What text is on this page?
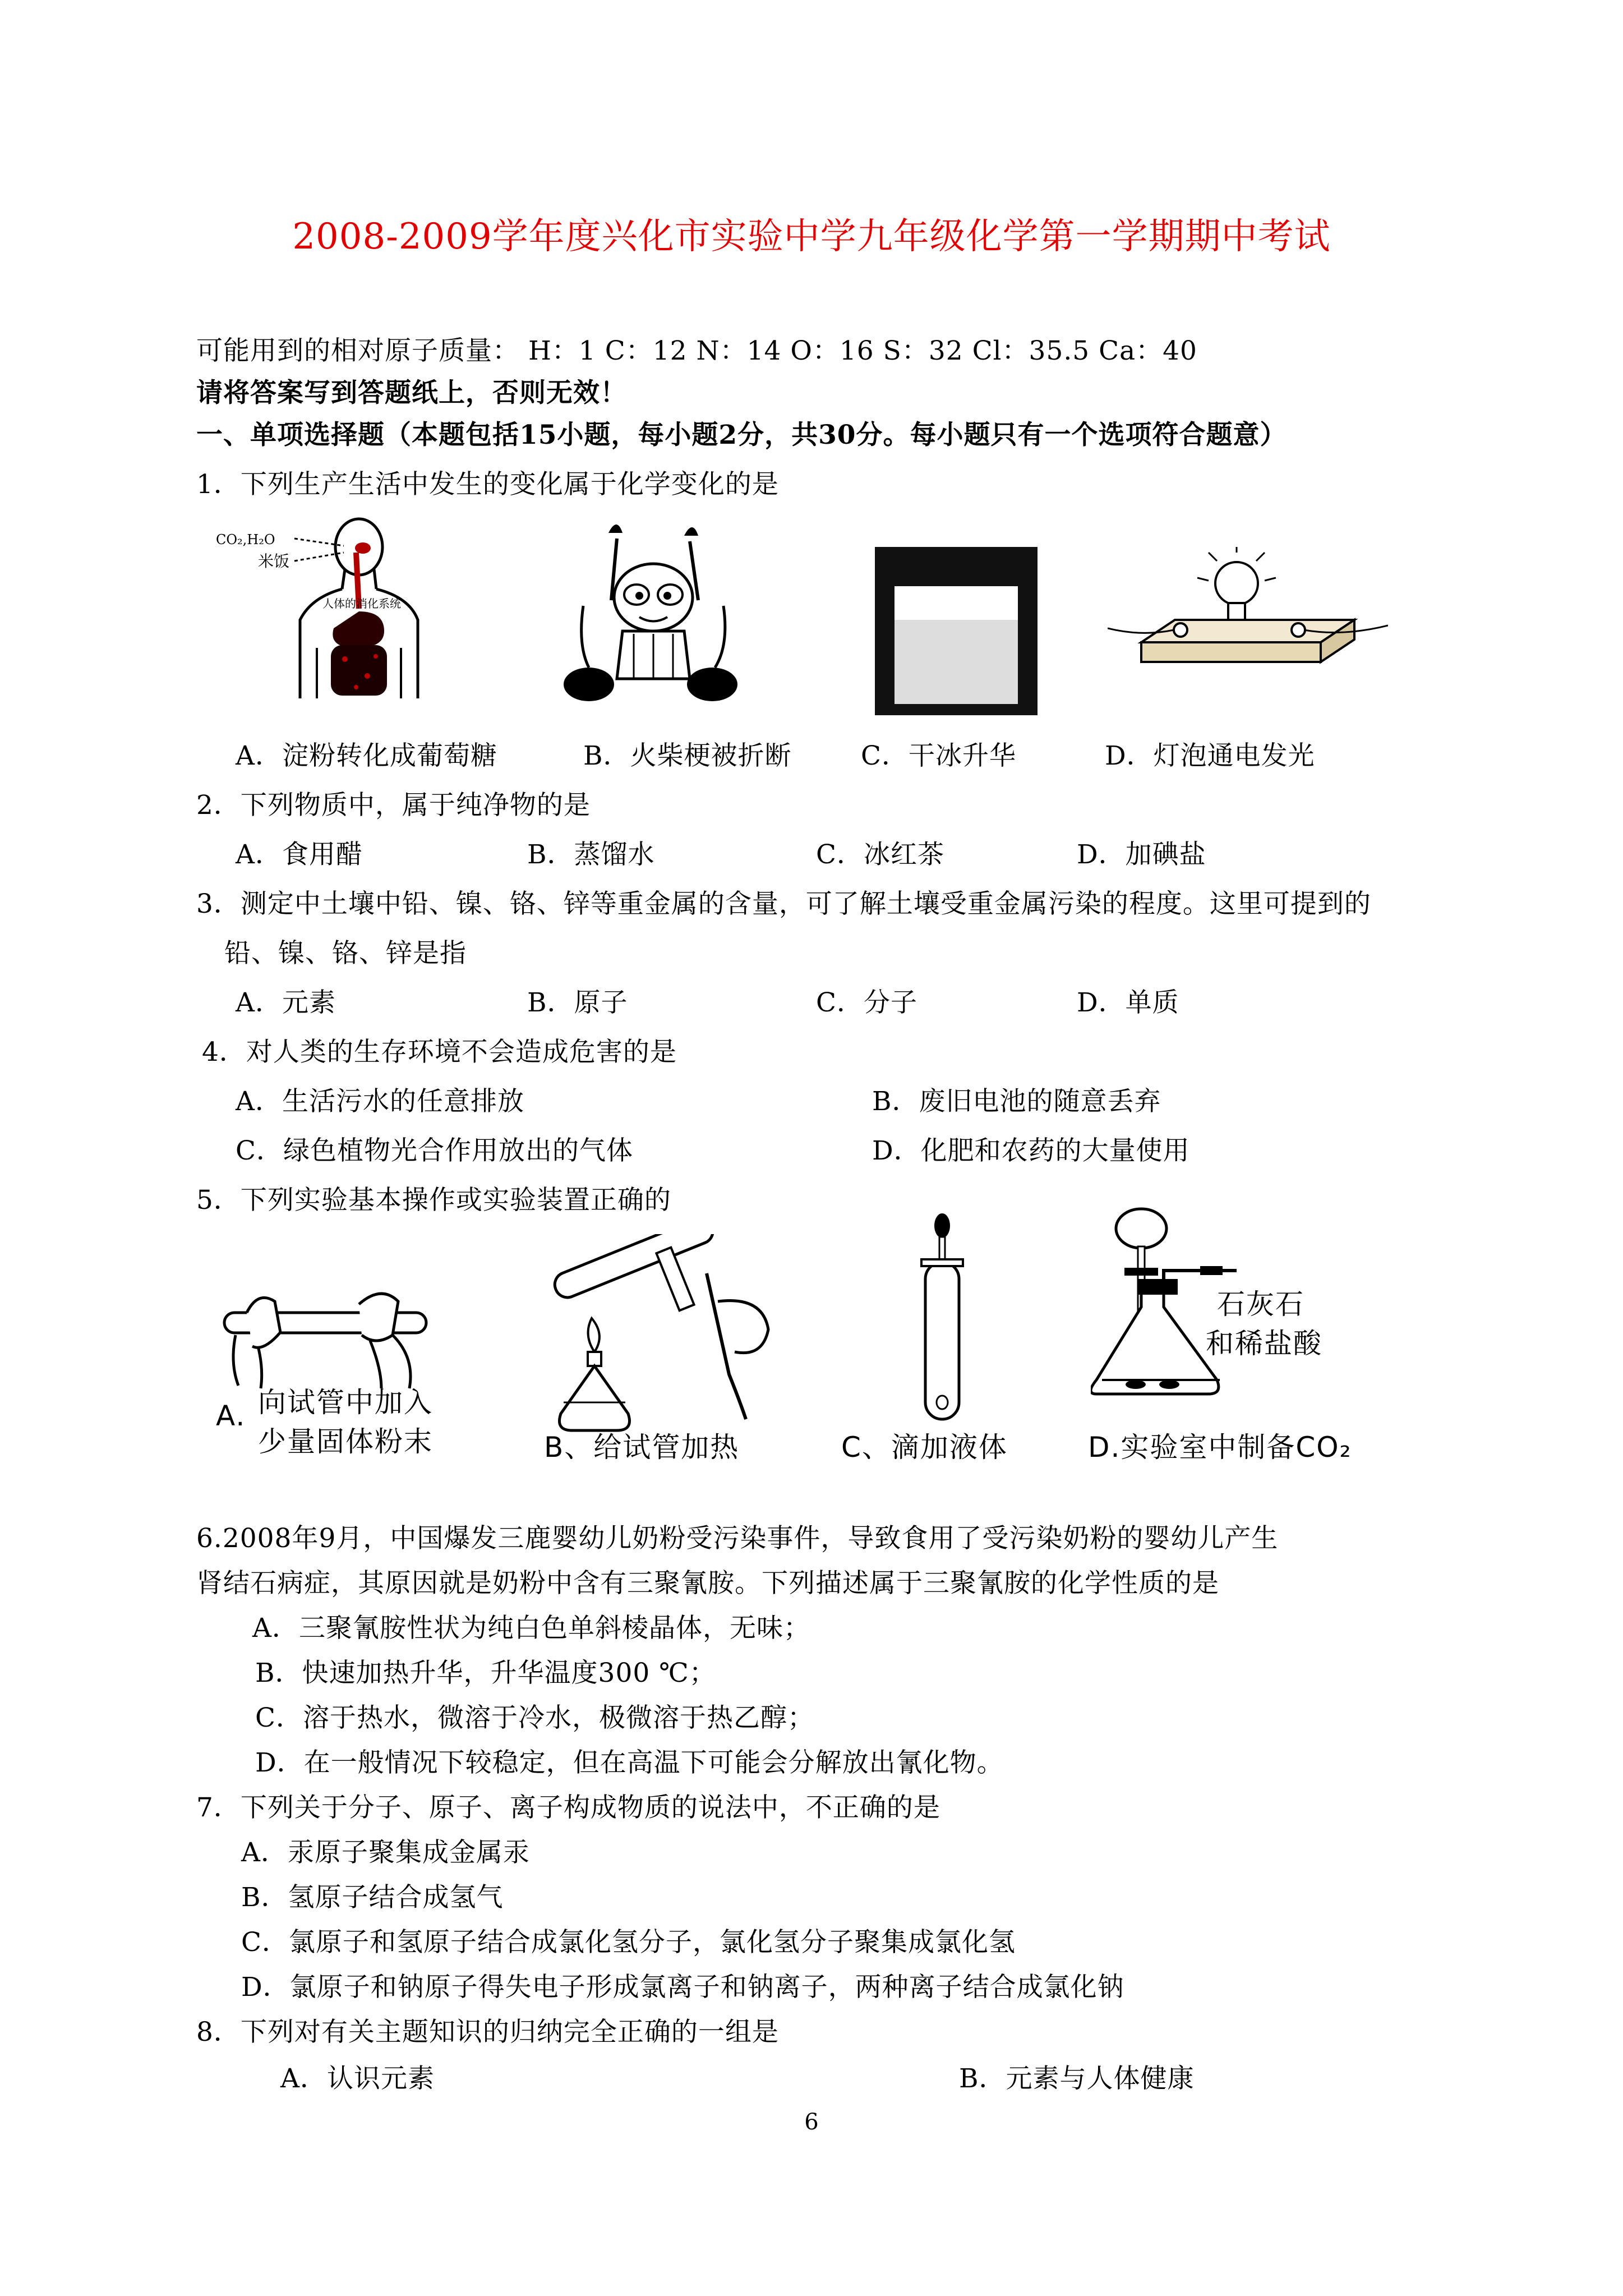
2008-2009学年度兴化市实验中学九年级化学第一学期期中考试
可能用到的相对原子质量： H：1 C：12 N：14 O：16 S：32 Cl：35.5 Ca：40
请将答案写到答题纸上，否则无效！
一、单项选择题（本题包括15小题，每小题2分，共30分。每小题只有一个选项符合题意）
1．下列生产生活中发生的变化属于化学变化的是
CO₂,H₂O
米饭
人体的消化系统
A．淀粉转化成葡萄糖	B．火柴梗被折断	C．干冰升华	D．灯泡通电发光
2．下列物质中，属于纯净物的是
A．食用醋	B．蒸馏水	C．冰红茶	D．加碘盐
3．测定中土壤中铅、镍、铬、锌等重金属的含量，可了解土壤受重金属污染的程度。这里可提到的
铅、镍、铬、锌是指
A．元素	B．原子	C．分子	D．单质
4．对人类的生存环境不会造成危害的是
A．生活污水的任意排放	B．废旧电池的随意丢弃
C．绿色植物光合作用放出的气体	D．化肥和农药的大量使用
5．下列实验基本操作或实验装置正确的
A. 向试管中加入
少量固体粉末	B、给试管加热	C、滴加液体
石灰石
和稀盐酸
D.实验室中制备CO₂
6.2008年9月，中国爆发三鹿婴幼儿奶粉受污染事件，导致食用了受污染奶粉的婴幼儿产生
肾结石病症，其原因就是奶粉中含有三聚氰胺。下列描述属于三聚氰胺的化学性质的是
A．三聚氰胺性状为纯白色单斜棱晶体，无味；
B．快速加热升华，升华温度300 ℃；
C．溶于热水，微溶于冷水，极微溶于热乙醇；
D．在一般情况下较稳定，但在高温下可能会分解放出氰化物。
7．下列关于分子、原子、离子构成物质的说法中，不正确的是
A．汞原子聚集成金属汞
B．氢原子结合成氢气
C．氯原子和氢原子结合成氯化氢分子，氯化氢分子聚集成氯化氢
D．氯原子和钠原子得失电子形成氯离子和钠离子，两种离子结合成氯化钠
8．下列对有关主题知识的归纳完全正确的一组是
A．认识元素	B．元素与人体健康
6
